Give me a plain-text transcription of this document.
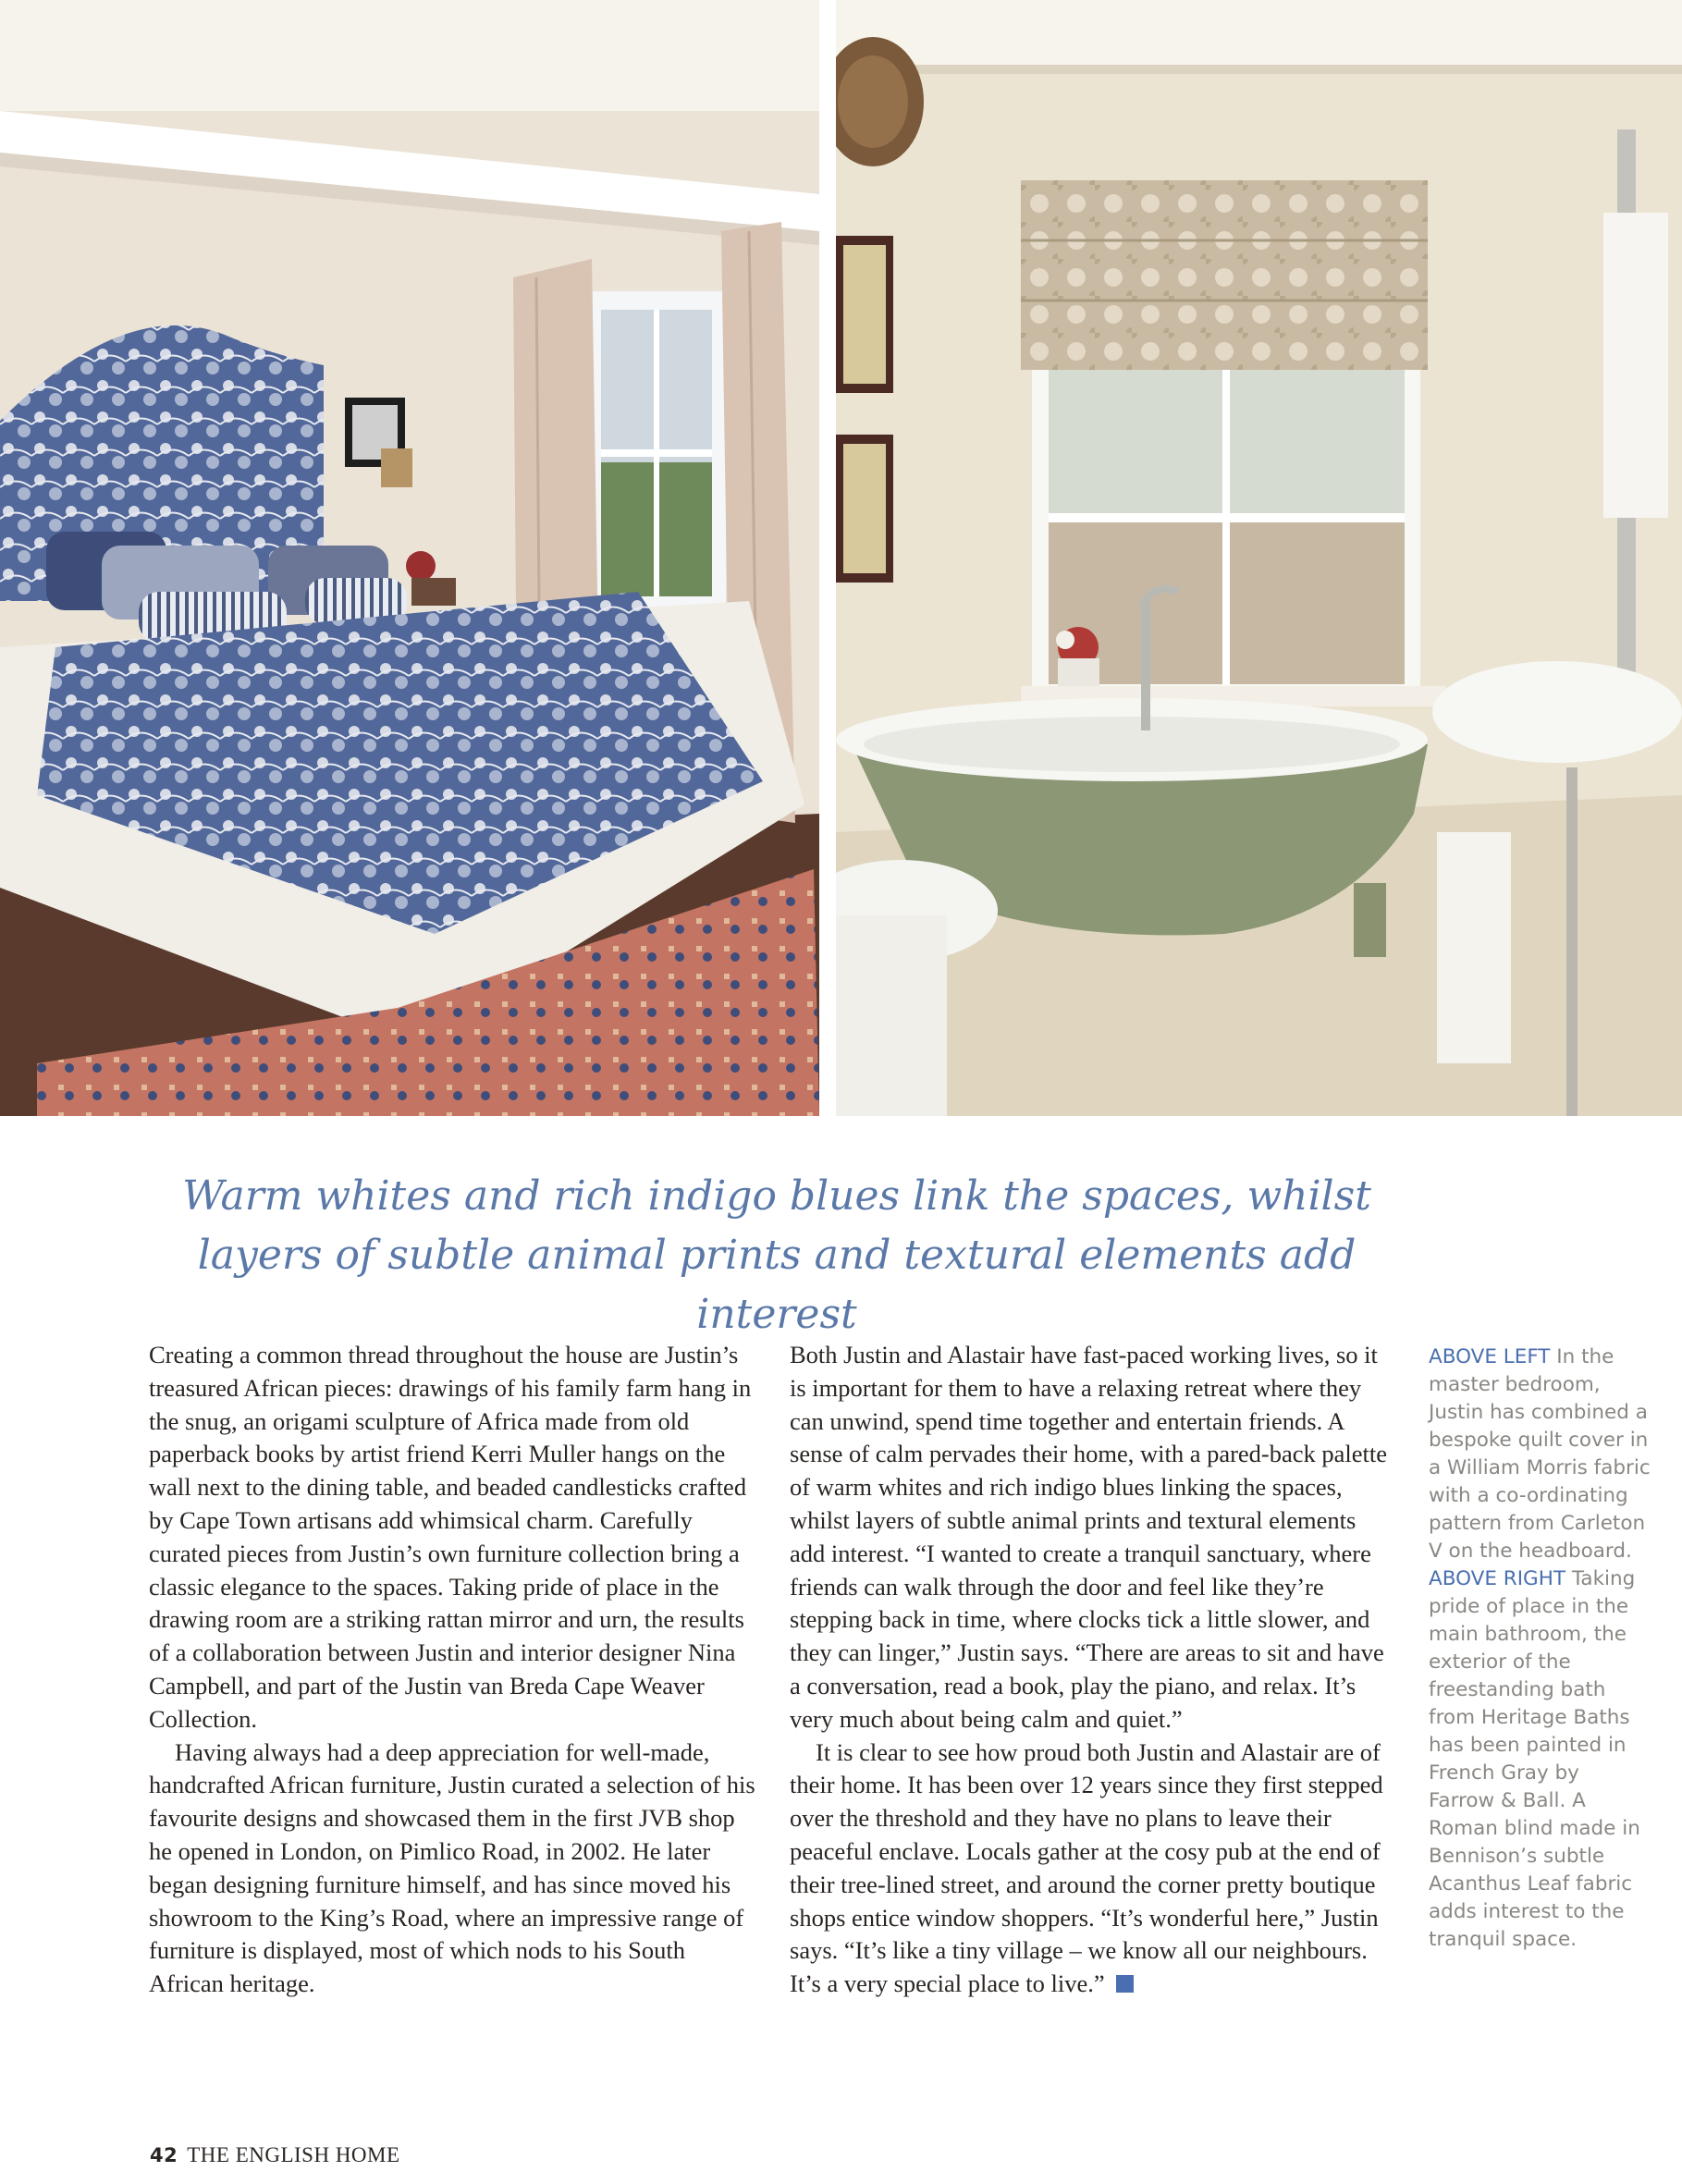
Warm whites and rich indigo blues link the spaces, whilst layers of subtle animal prints and textural elements add interest

Creating a common thread throughout the house are Justin’s treasured African pieces: drawings of his family farm hang in the snug, an origami sculpture of Africa made from old paperback books by artist friend Kerri Muller hangs on the wall next to the dining table, and beaded candlesticks crafted by Cape Town artisans add whimsical charm. Carefully curated pieces from Justin’s own furniture collection bring a classic elegance to the spaces. Taking pride of place in the drawing room are a striking rattan mirror and urn, the results of a collaboration between Justin and interior designer Nina Campbell, and part of the Justin van Breda Cape Weaver Collection.

Having always had a deep appreciation for well-made, handcrafted African furniture, Justin curated a selection of his favourite designs and showcased them in the first JVB shop he opened in London, on Pimlico Road, in 2002. He later began designing furniture himself, and has since moved his showroom to the King’s Road, where an impressive range of furniture is displayed, most of which nods to his South African heritage.

Both Justin and Alastair have fast-paced working lives, so it is important for them to have a relaxing retreat where they can unwind, spend time together and entertain friends. A sense of calm pervades their home, with a pared-back palette of warm whites and rich indigo blues linking the spaces, whilst layers of subtle animal prints and textural elements add interest. “I wanted to create a tranquil sanctuary, where friends can walk through the door and feel like they’re stepping back in time, where clocks tick a little slower, and they can linger,” Justin says. “There are areas to sit and have a conversation, read a book, play the piano, and relax. It’s very much about being calm and quiet.”

It is clear to see how proud both Justin and Alastair are of their home. It has been over 12 years since they first stepped over the threshold and they have no plans to leave their peaceful enclave. Locals gather at the cosy pub at the end of their tree-lined street, and around the corner pretty boutique shops entice window shoppers. “It’s wonderful here,” Justin says. “It’s like a tiny village – we know all our neighbours. It’s a very special place to live.”

ABOVE LEFT In the master bedroom, Justin has combined a bespoke quilt cover in a William Morris fabric with a co-ordinating pattern from Carleton V on the headboard.

ABOVE RIGHT Taking pride of place in the main bathroom, the exterior of the freestanding bath from Heritage Baths has been painted in French Gray by Farrow & Ball. A Roman blind made in Bennison’s subtle Acanthus Leaf fabric adds interest to the tranquil space.

42 THE ENGLISH HOME
